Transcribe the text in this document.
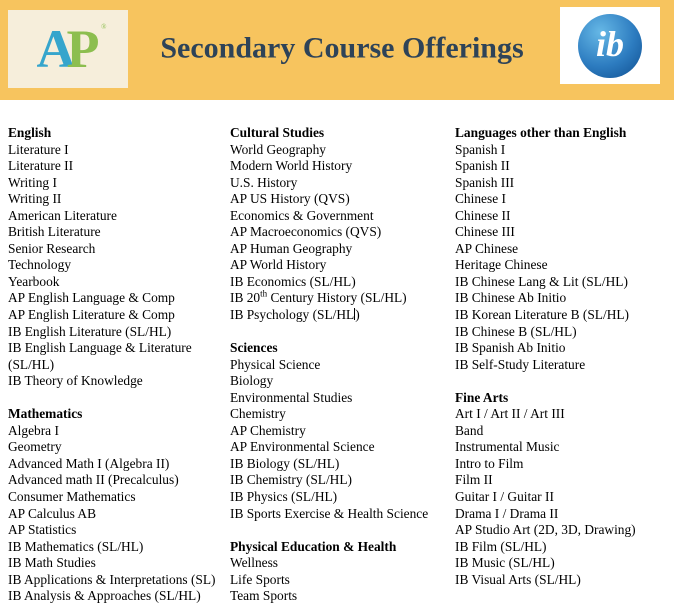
AP ®
Secondary Course Offerings	ib
English
Literature I
Literature II
Writing I
Writing II
American Literature
British Literature
Senior Research
Technology
Yearbook
AP English Language & Comp
AP English Literature & Comp
IB English Literature (SL/HL)
IB English Language & Literature (SL/HL)
IB Theory of Knowledge
Mathematics
Algebra I
Geometry
Advanced Math I (Algebra II)
Advanced math II (Precalculus)
Consumer Mathematics
AP Calculus AB
AP Statistics
IB Mathematics (SL/HL)
IB Math Studies
IB Applications & Interpretations (SL)
IB Analysis & Approaches (SL/HL)
Cultural Studies
World Geography
Modern World History
U.S. History
AP US History (QVS)
Economics & Government
AP Macroeconomics (QVS)
AP Human Geography
AP World History
IB Economics (SL/HL)
IB 20th Century History (SL/HL)
IB Psychology (SL/HL)
Sciences
Physical Science
Biology
Environmental Studies
Chemistry
AP Chemistry
AP Environmental Science
IB Biology (SL/HL)
IB Chemistry (SL/HL)
IB Physics (SL/HL)
IB Sports Exercise & Health Science
Physical Education & Health
Wellness
Life Sports
Team Sports
Languages other than English
Spanish I
Spanish II
Spanish III
Chinese I
Chinese II
Chinese III
AP Chinese
Heritage Chinese
IB Chinese Lang & Lit (SL/HL)
IB Chinese Ab Initio
IB Korean Literature B (SL/HL)
IB Chinese B (SL/HL)
IB Spanish Ab Initio
IB Self-Study Literature
Fine Arts
Art I / Art II / Art III
Band
Instrumental Music
Intro to Film
Film II
Guitar I / Guitar II
Drama I / Drama II
AP Studio Art (2D, 3D, Drawing)
IB Film (SL/HL)
IB Music (SL/HL)
IB Visual Arts (SL/HL)
